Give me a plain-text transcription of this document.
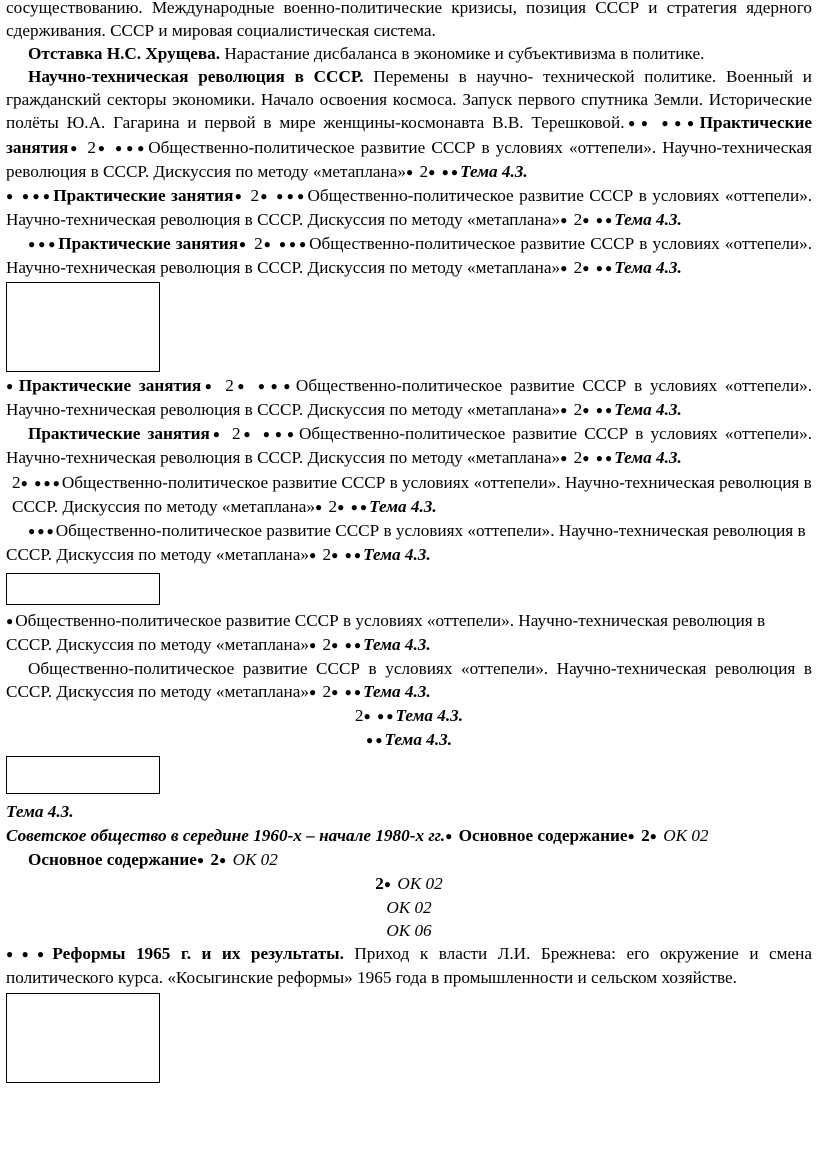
сосуществованию. Международные военно-политические кризисы, позиция СССР и стратегия ядерного сдерживания. СССР и мировая социалистическая система.

Отставка Н.С. Хрущева. Нарастание дисбаланса в экономике и субъективизма в политике.

Научно-техническая революция в СССР. Перемены в научно- технической политике. Военный и гражданский секторы экономики. Начало освоения космоса. Запуск первого спутника Земли. Исторические полёты Ю.А. Гагарина и первой в мире женщины-космонавта В.В. Терешковой.●● ●●●Практические занятия● 2● ●●●Общественно-политическое развитие СССР в условиях «оттепели». Научно-техническая революция в СССР. Дискуссия по методу «метаплана»● 2● ●●Тема 4.3.

● ●●●Практические занятия● 2● ●●●Общественно-политическое развитие СССР в условиях «оттепели». Научно-техническая революция в СССР. Дискуссия по методу «метаплана»● 2● ●●Тема 4.3.

●●●Практические занятия● 2● ●●●Общественно-политическое развитие СССР в условиях «оттепели». Научно-техническая революция в СССР. Дискуссия по методу «метаплана»● 2● ●●Тема 4.3.

●Практические занятия● 2● ●●●Общественно-политическое развитие СССР в условиях «оттепели». Научно-техническая революция в СССР. Дискуссия по методу «метаплана»● 2● ●●Тема 4.3.

Практические занятия● 2● ●●●Общественно-политическое развитие СССР в условиях «оттепели». Научно-техническая революция в СССР. Дискуссия по методу «метаплана»● 2● ●●Тема 4.3.

2● ●●●Общественно-политическое развитие СССР в условиях «оттепели». Научно-техническая революция в СССР. Дискуссия по методу «метаплана»● 2● ●●Тема 4.3.

●●●Общественно-политическое развитие СССР в условиях «оттепели». Научно-техническая революция в СССР. Дискуссия по методу «метаплана»● 2● ●●Тема 4.3.

●Общественно-политическое развитие СССР в условиях «оттепели». Научно-техническая революция в СССР. Дискуссия по методу «метаплана»● 2● ●●Тема 4.3.

Общественно-политическое развитие СССР в условиях «оттепели». Научно-техническая революция в СССР. Дискуссия по методу «метаплана»● 2● ●●Тема 4.3.

2● ●●Тема 4.3.

●●Тема 4.3.

Тема 4.3.

Советское общество в середине 1960-х – начале 1980-х гг.● Основное содержание● 2● ОК 02

Основное содержание● 2● ОК 02

2● ОК 02

ОК 02

ОК 06

●●●Реформы 1965 г. и их результаты. Приход к власти Л.И. Брежнева: его окружение и смена политического курса. «Косыгинские реформы» 1965 года в промышленности и сельском хозяйстве.
